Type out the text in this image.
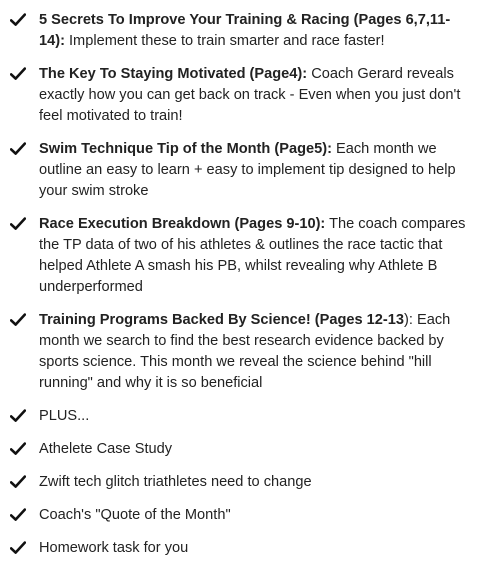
5 Secrets To Improve Your Training & Racing (Pages 6,7,11-14): Implement these to train smarter and race faster!
The Key To Staying Motivated (Page4): Coach Gerard reveals exactly how you can get back on track - Even when you just don't feel motivated to train!
Swim Technique Tip of the Month (Page5): Each month we outline an easy to learn + easy to implement tip designed to help your swim stroke
Race Execution Breakdown (Pages 9-10): The coach compares the TP data of two of his athletes & outlines the race tactic that helped Athlete A smash his PB, whilst revealing why Athlete B underperformed
Training Programs Backed By Science! (Pages 12-13): Each month we search to find the best research evidence backed by sports science. This month we reveal the science behind "hill running" and why it is so beneficial
PLUS...
Athelete Case Study
Zwift tech glitch triathletes need to change
Coach's "Quote of the Month"
Homework task for you
